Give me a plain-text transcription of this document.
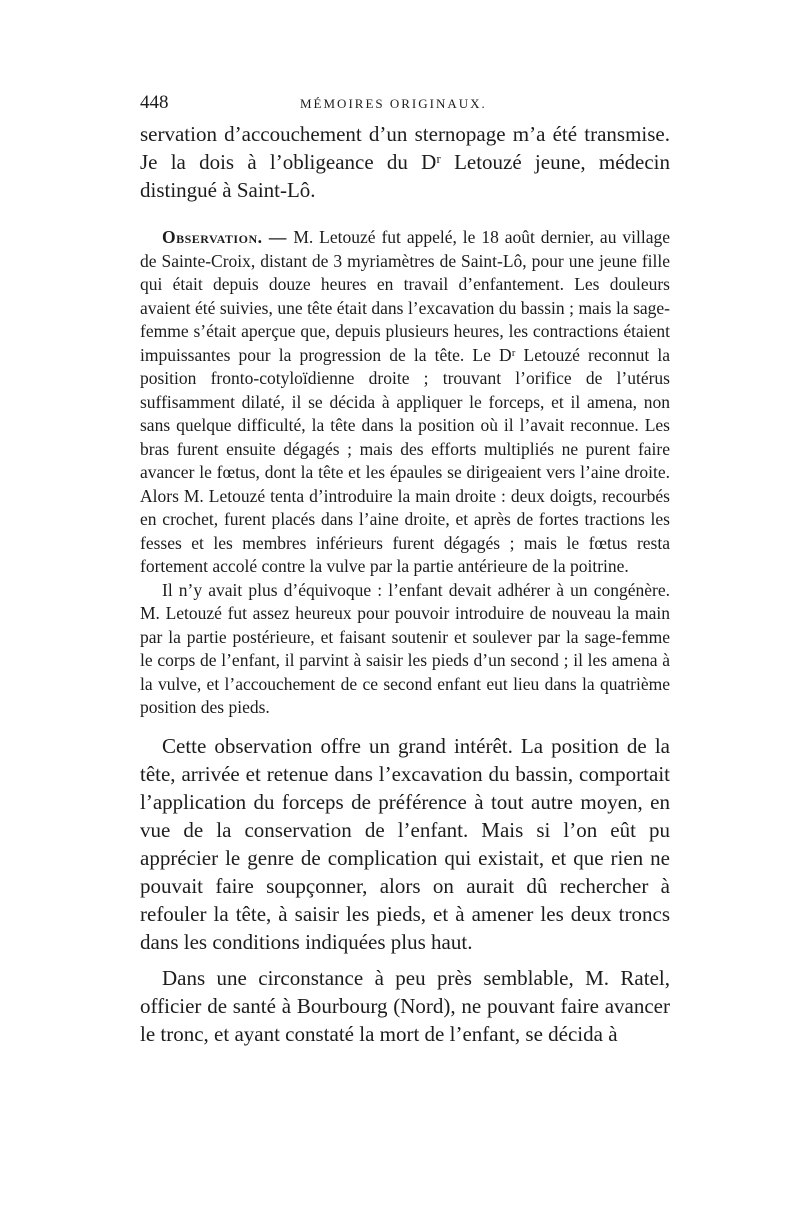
448	MÉMOIRES ORIGINAUX.

servation d’accouchement d’un sternopage m’a été transmise. Je la dois à l’obligeance du Dʳ Letouzé jeune, médecin distingué à Saint-Lô.

Observation. — M. Letouzé fut appelé, le 18 août dernier, au village de Sainte-Croix, distant de 3 myriamètres de Saint-Lô, pour une jeune fille qui était depuis douze heures en travail d’enfantement. Les douleurs avaient été suivies, une tête était dans l’excavation du bassin ; mais la sage-femme s’était aperçue que, depuis plusieurs heures, les contractions étaient impuissantes pour la progression de la tête. Le Dʳ Letouzé reconnut la position fronto-cotyloïdienne droite ; trouvant l’orifice de l’utérus suffisamment dilaté, il se décida à appliquer le forceps, et il amena, non sans quelque difficulté, la tête dans la position où il l’avait reconnue. Les bras furent ensuite dégagés ; mais des efforts multipliés ne purent faire avancer le fœtus, dont la tête et les épaules se dirigeaient vers l’aine droite. Alors M. Letouzé tenta d’introduire la main droite : deux doigts, recourbés en crochet, furent placés dans l’aine droite, et après de fortes tractions les fesses et les membres inférieurs furent dégagés ; mais le fœtus resta fortement accolé contre la vulve par la partie antérieure de la poitrine.

Il n’y avait plus d’équivoque : l’enfant devait adhérer à un congénère. M. Letouzé fut assez heureux pour pouvoir introduire de nouveau la main par la partie postérieure, et faisant soutenir et soulever par la sage-femme le corps de l’enfant, il parvint à saisir les pieds d’un second ; il les amena à la vulve, et l’accouchement de ce second enfant eut lieu dans la quatrième position des pieds.

Cette observation offre un grand intérêt. La position de la tête, arrivée et retenue dans l’excavation du bassin, comportait l’application du forceps de préférence à tout autre moyen, en vue de la conservation de l’enfant. Mais si l’on eût pu apprécier le genre de complication qui existait, et que rien ne pouvait faire soupçonner, alors on aurait dû rechercher à refouler la tête, à saisir les pieds, et à amener les deux troncs dans les conditions indiquées plus haut.

Dans une circonstance à peu près semblable, M. Ratel, officier de santé à Bourbourg (Nord), ne pouvant faire avancer le tronc, et ayant constaté la mort de l’enfant, se décida à
